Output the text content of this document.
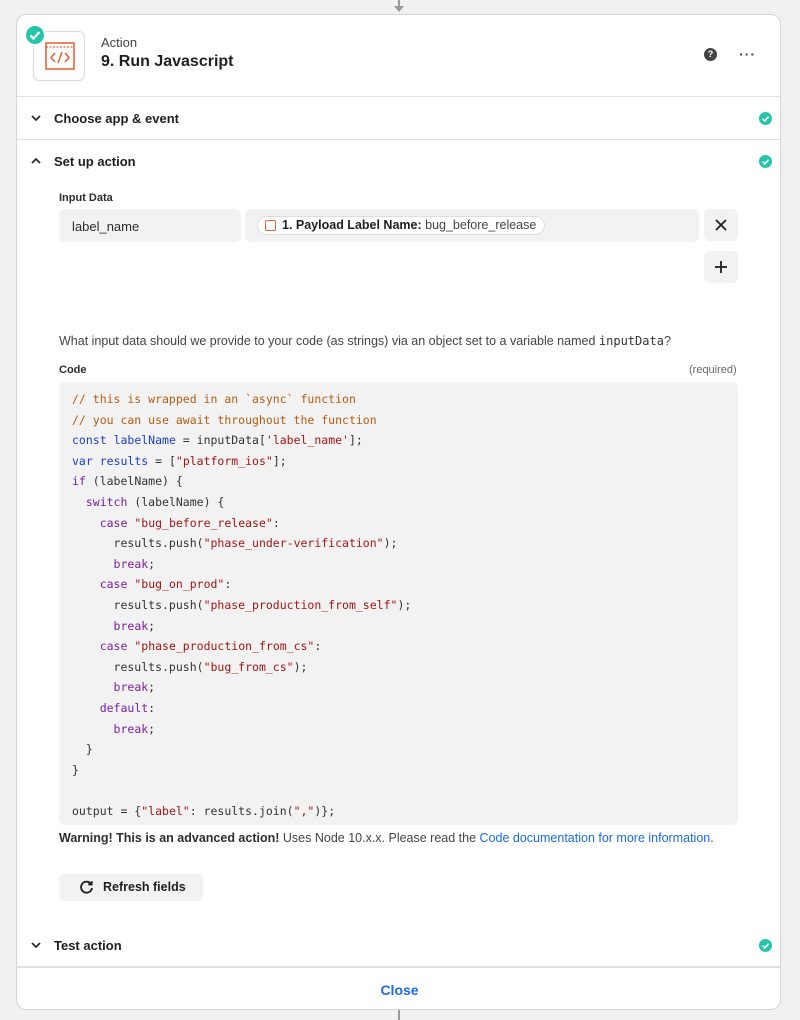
Action
9. Run Javascript	? ···
Choose app & event
Set up action
Input Data
label_name	1. Payload Label Name: bug_before_release
What input data should we provide to your code (as strings) via an object set to a variable named inputData?
Code	(required)
// this is wrapped in an `async` function
// you can use await throughout the function
const labelName = inputData['label_name'];
var results = ["platform_ios"];
if (labelName) {
switch (labelName) {
case "bug_before_release":
results.push("phase_under-verification");
break;
case "bug_on_prod":
results.push("phase_production_from_self");
break;
case "phase_production_from_cs":
results.push("bug_from_cs");
break;
default:
break;
}
}

output = {"label": results.join(",")};
Warning! This is an advanced action! Uses Node 10.x.x. Please read the Code documentation for more information.
Refresh fields
Test action
Close
